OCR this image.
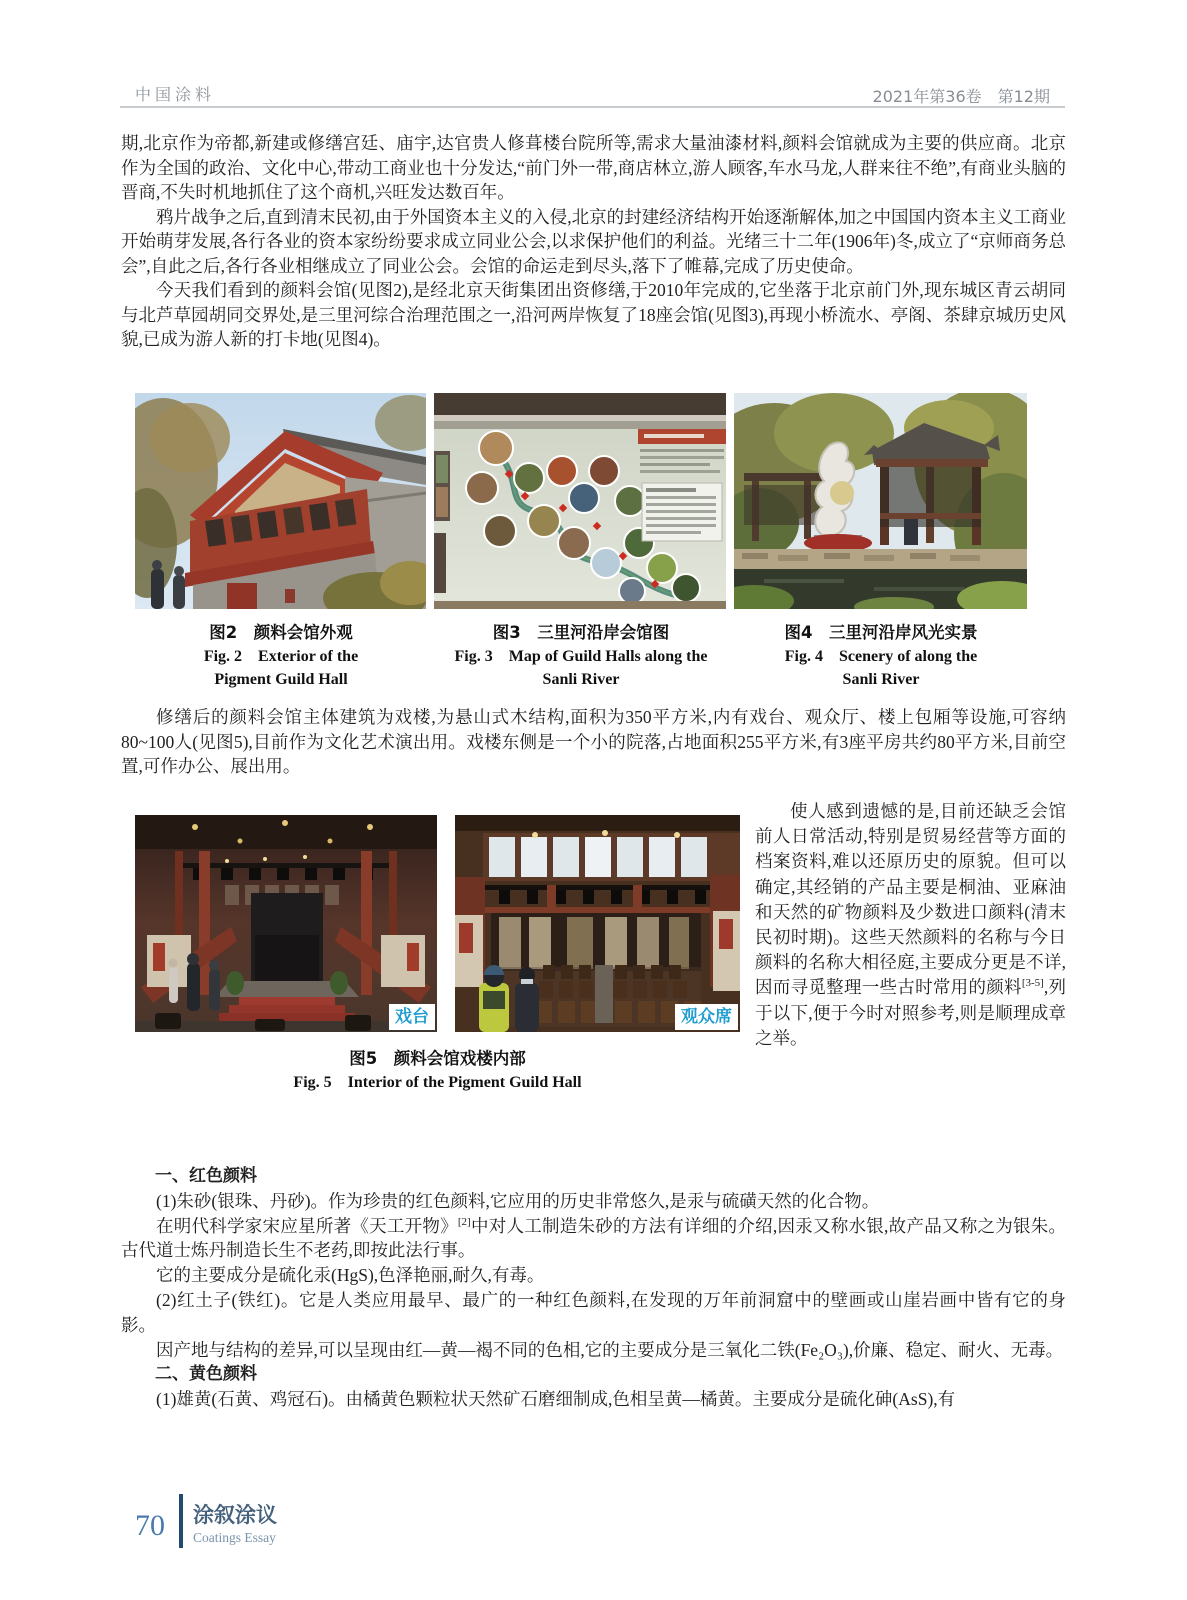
中国涂料	2021年第36卷　第12期

期,北京作为帝都,新建或修缮宫廷、庙宇,达官贵人修葺楼台院所等,需求大量油漆材料,颜料会馆就成为主要的供应商。北京作为全国的政治、文化中心,带动工商业也十分发达,“前门外一带,商店林立,游人顾客,车水马龙,人群来往不绝”,有商业头脑的晋商,不失时机地抓住了这个商机,兴旺发达数百年。

鸦片战争之后,直到清末民初,由于外国资本主义的入侵,北京的封建经济结构开始逐渐解体,加之中国国内资本主义工商业开始萌芽发展,各行各业的资本家纷纷要求成立同业公会,以求保护他们的利益。光绪三十二年(1906年)冬,成立了“京师商务总会”,自此之后,各行各业相继成立了同业公会。会馆的命运走到尽头,落下了帷幕,完成了历史使命。

今天我们看到的颜料会馆(见图2),是经北京天街集团出资修缮,于2010年完成的,它坐落于北京前门外,现东城区青云胡同与北芦草园胡同交界处,是三里河综合治理范围之一,沿河两岸恢复了18座会馆(见图3),再现小桥流水、亭阁、茶肆京城历史风貌,已成为游人新的打卡地(见图4)。

图2　颜料会馆外观
Fig. 2　Exterior of the
Pigment Guild Hall
图3　三里河沿岸会馆图
Fig. 3　Map of Guild Halls along the
Sanli River
图4　三里河沿岸风光实景
Fig. 4　Scenery of along the
Sanli River

修缮后的颜料会馆主体建筑为戏楼,为悬山式木结构,面积为350平方米,内有戏台、观众厅、楼上包厢等设施,可容纳80~100人(见图5),目前作为文化艺术演出用。戏楼东侧是一个小的院落,占地面积255平方米,有3座平房共约80平方米,目前空置,可作办公、展出用。

戏台	观众席
图5　颜料会馆戏楼内部
Fig. 5　Interior of the Pigment Guild Hall

使人感到遗憾的是,目前还缺乏会馆前人日常活动,特别是贸易经营等方面的档案资料,难以还原历史的原貌。但可以确定,其经销的产品主要是桐油、亚麻油和天然的矿物颜料及少数进口颜料(清末民初时期)。这些天然颜料的名称与今日颜料的名称大相径庭,主要成分更是不详,因而寻觅整理一些古时常用的颜料[3-5],列于以下,便于今时对照参考,则是顺理成章之举。

一、红色颜料

(1)朱砂(银珠、丹砂)。作为珍贵的红色颜料,它应用的历史非常悠久,是汞与硫磺天然的化合物。

在明代科学家宋应星所著《天工开物》[2]中对人工制造朱砂的方法有详细的介绍,因汞又称水银,故产品又称之为银朱。古代道士炼丹制造长生不老药,即按此法行事。

它的主要成分是硫化汞(HgS),色泽艳丽,耐久,有毒。

(2)红土子(铁红)。它是人类应用最早、最广的一种红色颜料,在发现的万年前洞窟中的壁画或山崖岩画中皆有它的身影。

因产地与结构的差异,可以呈现由红—黄—褐不同的色相,它的主要成分是三氧化二铁(Fe₂O₃),价廉、稳定、耐火、无毒。

二、黄色颜料

(1)雄黄(石黄、鸡冠石)。由橘黄色颗粒状天然矿石磨细制成,色相呈黄—橘黄。主要成分是硫化砷(AsS),有

70 涂叙涂议
Coatings Essay
